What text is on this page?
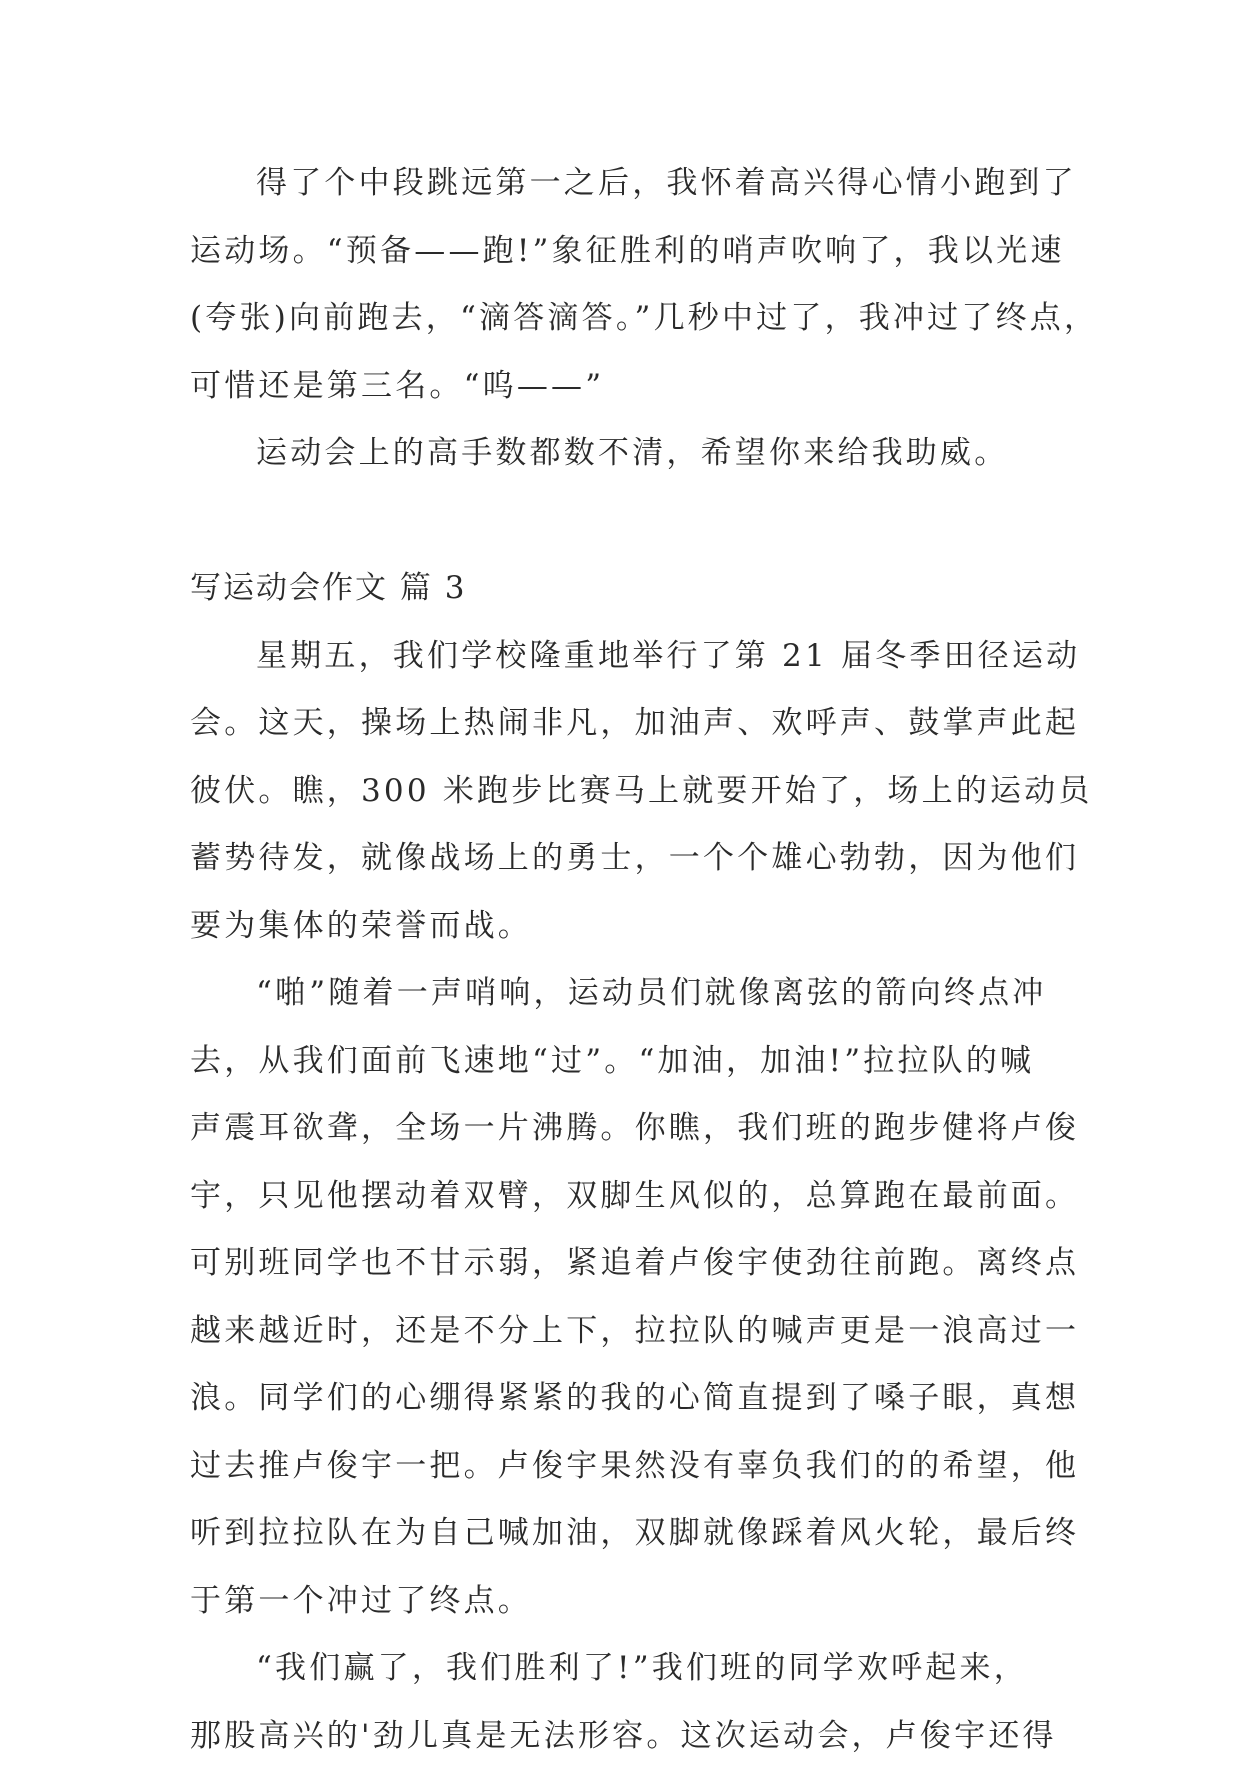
得了个中段跳远第一之后，我怀着高兴得心情小跑到了
运动场。“预备——跑!”象征胜利的哨声吹响了，我以光速
(夸张)向前跑去，“滴答滴答。”几秒中过了，我冲过了终点，
可惜还是第三名。“呜——”
运动会上的高手数都数不清，希望你来给我助威。
写运动会作文 篇 3
星期五，我们学校隆重地举行了第 21 届冬季田径运动
会。这天，操场上热闹非凡，加油声、欢呼声、鼓掌声此起
彼伏。瞧，300 米跑步比赛马上就要开始了，场上的运动员
蓄势待发，就像战场上的勇士，一个个雄心勃勃，因为他们
要为集体的荣誉而战。
“啪”随着一声哨响，运动员们就像离弦的箭向终点冲
去，从我们面前飞速地“过”。“加油，加油!”拉拉队的喊
声震耳欲聋，全场一片沸腾。你瞧，我们班的跑步健将卢俊
宇，只见他摆动着双臂，双脚生风似的，总算跑在最前面。
可别班同学也不甘示弱，紧追着卢俊宇使劲往前跑。离终点
越来越近时，还是不分上下，拉拉队的喊声更是一浪高过一
浪。同学们的心绷得紧紧的我的心简直提到了嗓子眼，真想
过去推卢俊宇一把。卢俊宇果然没有辜负我们的的希望，他
听到拉拉队在为自己喊加油，双脚就像踩着风火轮，最后终
于第一个冲过了终点。
“我们赢了，我们胜利了!”我们班的同学欢呼起来，
那股高兴的'劲儿真是无法形容。这次运动会，卢俊宇还得
